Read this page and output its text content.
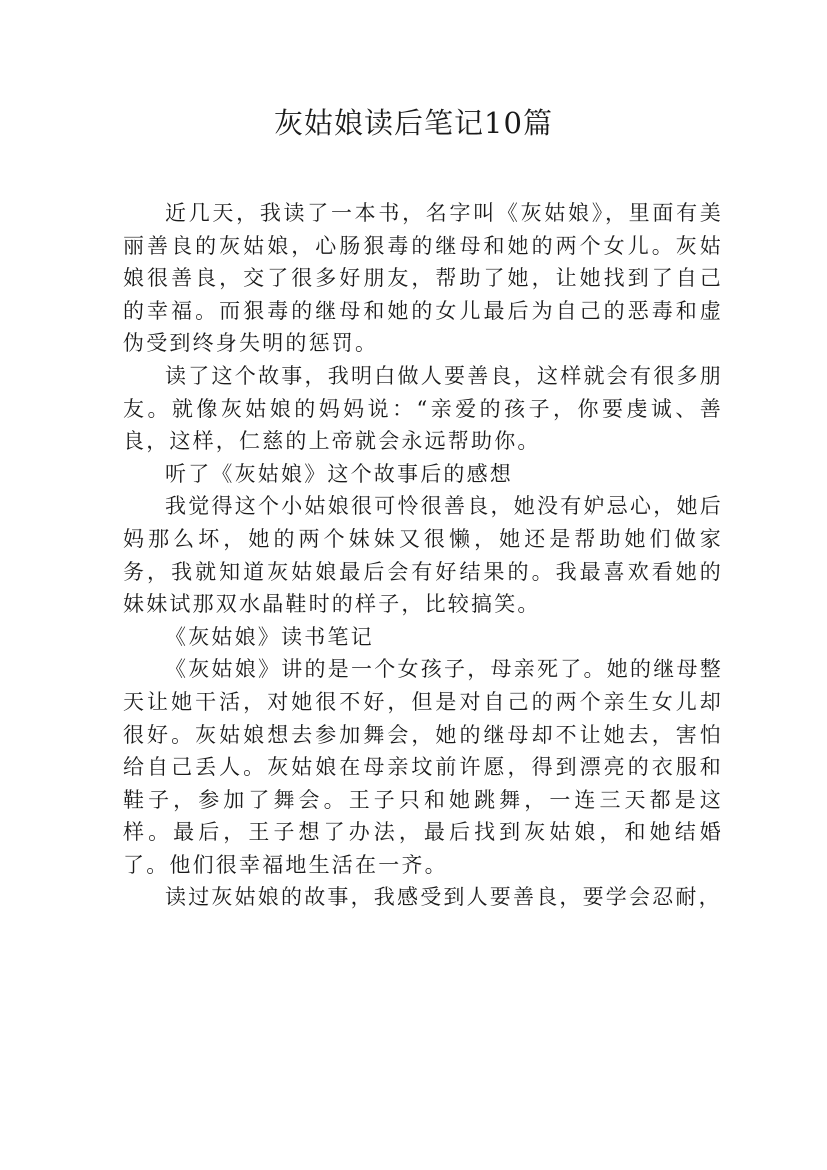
灰姑娘读后笔记10篇

近几天，我读了一本书，名字叫《灰姑娘》，里面有美丽善良的灰姑娘，心肠狠毒的继母和她的两个女儿。灰姑娘很善良，交了很多好朋友，帮助了她，让她找到了自己的幸福。而狠毒的继母和她的女儿最后为自己的恶毒和虚伪受到终身失明的惩罚。

读了这个故事，我明白做人要善良，这样就会有很多朋友。就像灰姑娘的妈妈说：“亲爱的孩子，你要虔诚、善良，这样，仁慈的上帝就会永远帮助你。

听了《灰姑娘》这个故事后的感想

我觉得这个小姑娘很可怜很善良，她没有妒忌心，她后妈那么坏，她的两个妹妹又很懒，她还是帮助她们做家务，我就知道灰姑娘最后会有好结果的。我最喜欢看她的妹妹试那双水晶鞋时的样子，比较搞笑。

《灰姑娘》读书笔记

《灰姑娘》讲的是一个女孩子，母亲死了。她的继母整天让她干活，对她很不好，但是对自己的两个亲生女儿却很好。灰姑娘想去参加舞会，她的继母却不让她去，害怕给自己丢人。灰姑娘在母亲坟前许愿，得到漂亮的衣服和鞋子，参加了舞会。王子只和她跳舞，一连三天都是这样。最后，王子想了办法，最后找到灰姑娘，和她结婚了。他们很幸福地生活在一齐。

读过灰姑娘的故事，我感受到人要善良，要学会忍耐，
